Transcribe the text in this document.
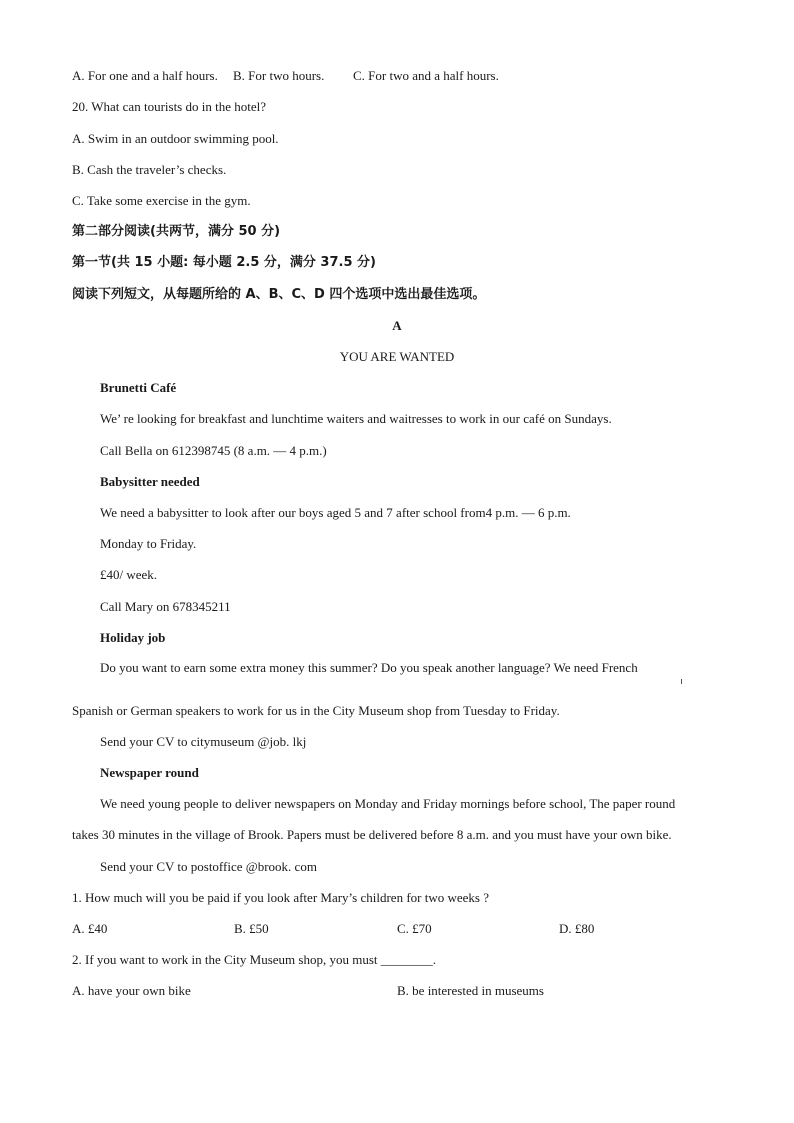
A. For one and a half hours. B. For two hours. C. For two and a half hours.
20. What can tourists do in the hotel?
A. Swim in an outdoor swimming pool.
B. Cash the traveler’s checks.
C. Take some exercise in the gym.
第二部分阅读(共两节，满分 50 分)
第一节(共 15 小题: 每小题 2.5 分，满分 37.5 分)
阅读下列短文，从每题所给的 A、B、C、D 四个选项中选出最佳选项。
A
YOU ARE WANTED
Brunetti Café
We’ re looking for breakfast and lunchtime waiters and waitresses to work in our café on Sundays.
Call Bella on 612398745 (8 a.m. — 4 p.m.)
Babysitter needed
We need a babysitter to look after our boys aged 5 and 7 after school from4 p.m. — 6 p.m.
Monday to Friday.
£40/ week.
Call Mary on 678345211
Holiday job
Do you want to earn some extra money this summer? Do you speak another language? We need French
Spanish or German speakers to work for us in the City Museum shop from Tuesday to Friday.
Send your CV to citymuseum @job. lkj
Newspaper round
We need young people to deliver newspapers on Monday and Friday mornings before school, The paper round
takes 30 minutes in the village of Brook. Papers must be delivered before 8 a.m. and you must have your own bike.
Send your CV to postoffice @brook. com
1. How much will you be paid if you look after Mary’s children for two weeks ?
A. £40	B. £50	C. £70	D. £80
2. If you want to work in the City Museum shop, you must ________.
A. have your own bike	B. be interested in museums
